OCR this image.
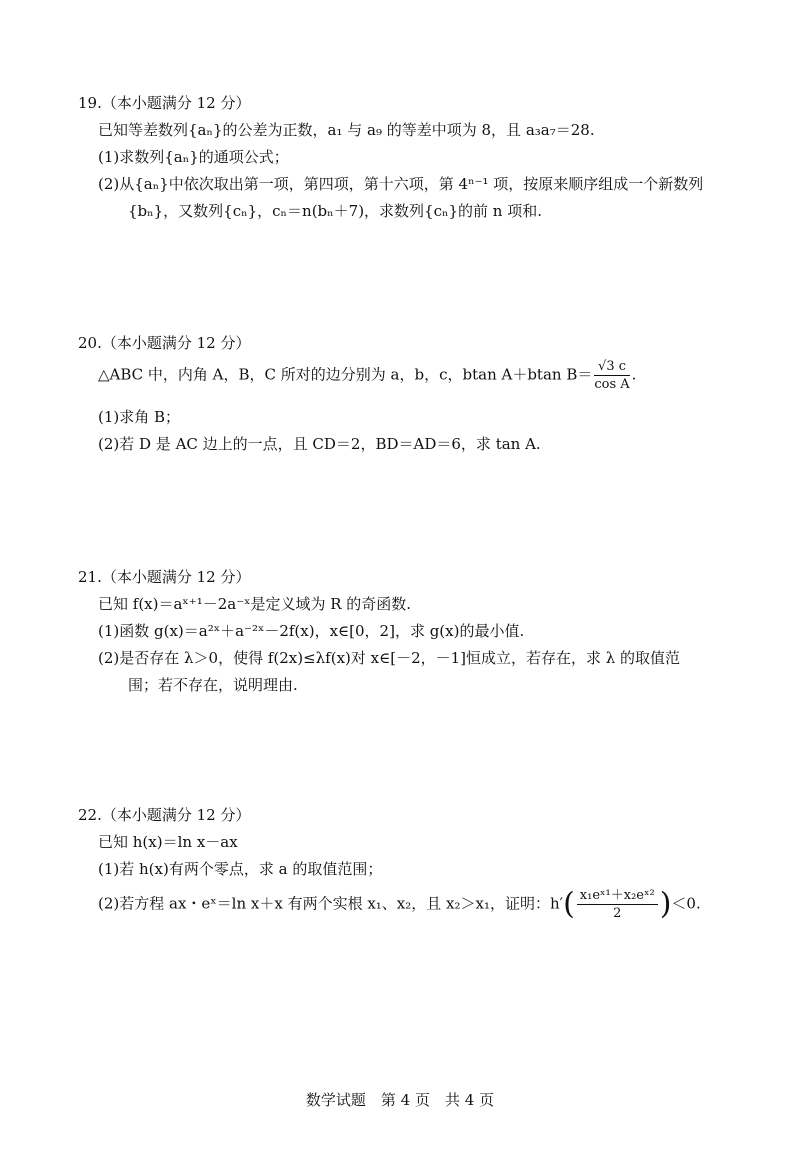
19.（本小题满分 12 分）
已知等差数列{aₙ}的公差为正数，a₁ 与 a₉ 的等差中项为 8，且 a₃a₇＝28.
(1)求数列{aₙ}的通项公式；
(2)从{aₙ}中依次取出第一项，第四项，第十六项，第 4ⁿ⁻¹ 项，按原来顺序组成一个新数列
{bₙ}，又数列{cₙ}，cₙ＝n(bₙ＋7)，求数列{cₙ}的前 n 项和.
20.（本小题满分 12 分）
△ABC 中，内角 A，B，C 所对的边分别为 a，b，c，btan A＋btan $B= \frac{√3 c}{\text{cos A}}$ .
(1)求角 B；
(2)若 D 是 AC 边上的一点，且 CD＝2，BD＝AD＝6，求 tan A.
21.（本小题满分 12 分）
已知 f(x)＝aˣ⁺¹－2a⁻ˣ是定义域为 R 的奇函数.
(1)函数 g(x)＝a²ˣ＋a⁻²ˣ－2f(x)，x∈[0，2]，求 g(x)的最小值.
(2)是否存在 λ＞0，使得 f(2x)≤λf(x)对 x∈[－2，－1]恒成立，若存在，求 λ 的取值范
围；若不存在，说明理由.
22.（本小题满分 12 分）
已知 h(x)＝ln x－ax
(1)若 h(x)有两个零点，求 a 的取值范围；
(2)若方程 ax・eˣ＝ln x＋x 有两个实根 x₁、x₂，且 x₂＞x₁，证明：$h'( \frac{\text{x₁eˣ¹＋x₂eˣ²}}{2} )<0$.
数学试题　第 4 页　共 4 页
